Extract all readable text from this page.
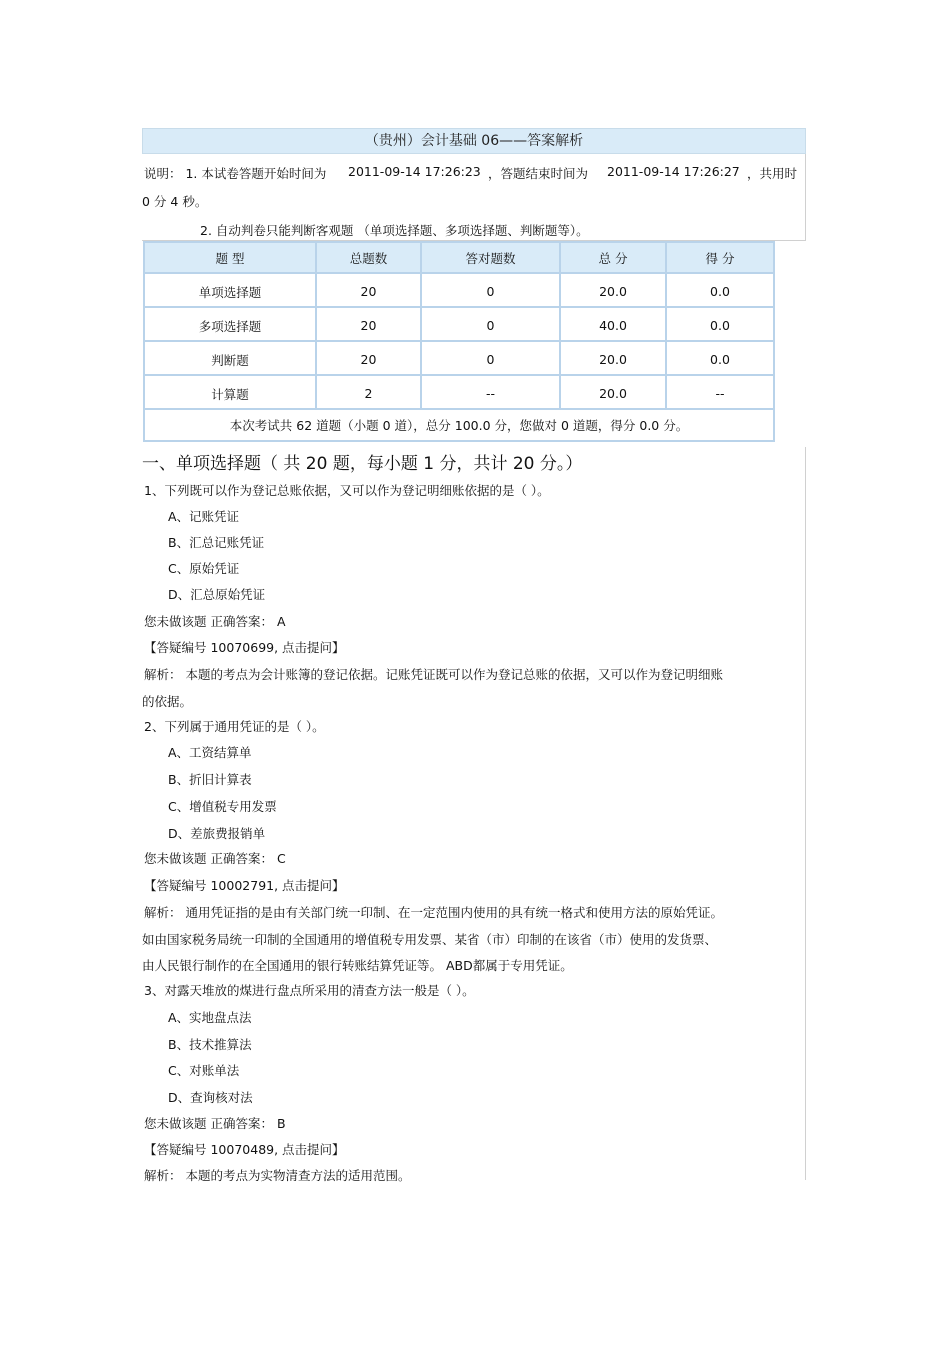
（贵州）会计基础 06——答案解析
说明： 1. 本试卷答题开始时间为 2011-09-14 17:26:23 ，答题结束时间为 2011-09-14 17:26:27 ，共用时
0 分 4 秒。
2. 自动判卷只能判断客观题 （单项选择题、多项选择题、判断题等）。
题 型	总题数	答对题数	总 分	得 分
单项选择题	20	0	20.0	0.0
多项选择题	20	0	40.0	0.0
判断题	20	0	20.0	0.0
计算题	2	--	20.0	--
本次考试共 62 道题（小题 0 道），总分 100.0 分，您做对 0 道题，得分 0.0 分。				
一、单项选择题（ 共 20 题，每小题 1 分，共计 20 分。）
1、下列既可以作为登记总账依据，又可以作为登记明细账依据的是（ ）。
A、记账凭证
B、汇总记账凭证
C、原始凭证
D、汇总原始凭证
您未做该题 正确答案： A
【答疑编号 10070699, 点击提问】
解析： 本题的考点为会计账簿的登记依据。记账凭证既可以作为登记总账的依据，又可以作为登记明细账
的依据。
2、下列属于通用凭证的是（ ）。
A、工资结算单
B、折旧计算表
C、增值税专用发票
D、差旅费报销单
您未做该题 正确答案： C
【答疑编号 10002791, 点击提问】
解析： 通用凭证指的是由有关部门统一印制、在一定范围内使用的具有统一格式和使用方法的原始凭证。
如由国家税务局统一印制的全国通用的增值税专用发票、某省（市）印制的在该省（市）使用的发货票、
由人民银行制作的在全国通用的银行转账结算凭证等。 ABD都属于专用凭证。
3、对露天堆放的煤进行盘点所采用的清查方法一般是（ ）。
A、实地盘点法
B、技术推算法
C、对账单法
D、查询核对法
您未做该题 正确答案： B
【答疑编号 10070489, 点击提问】
解析： 本题的考点为实物清查方法的适用范围。
